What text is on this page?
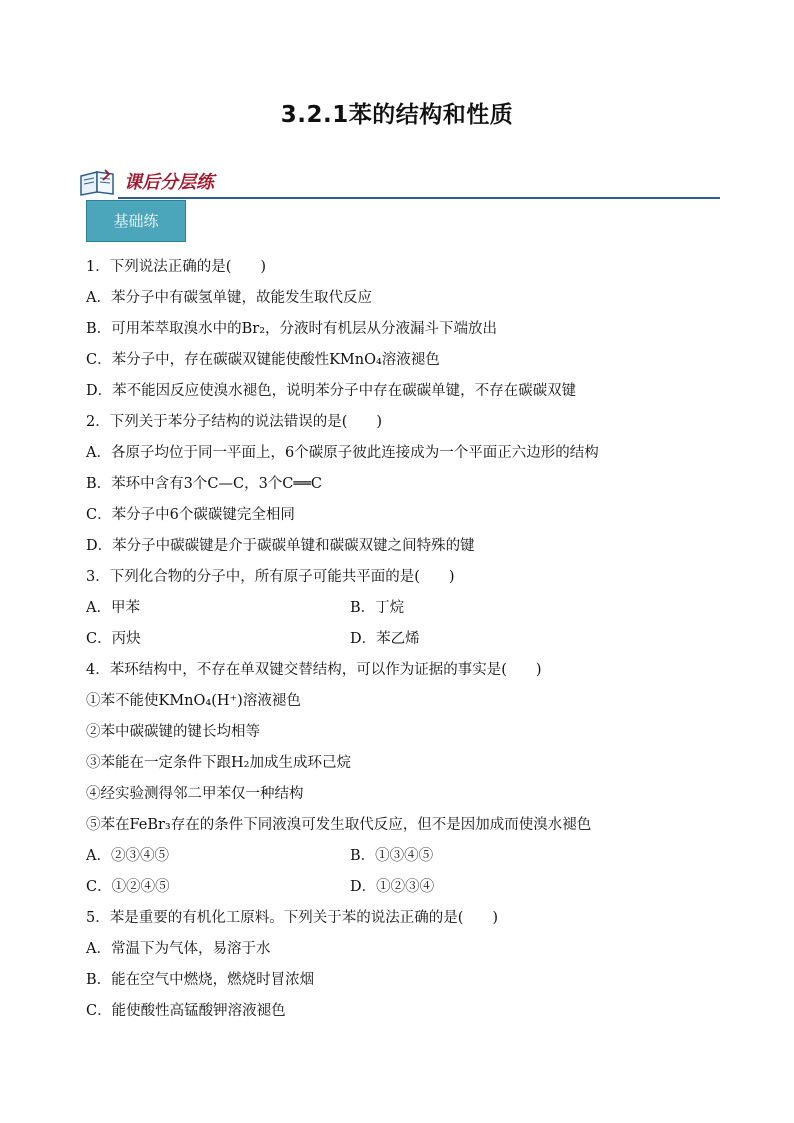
3.2.1苯的结构和性质
课后分层练
基础练
1．下列说法正确的是(　　)
A．苯分子中有碳氢单键，故能发生取代反应
B．可用苯萃取溴水中的Br₂，分液时有机层从分液漏斗下端放出
C．苯分子中，存在碳碳双键能使酸性KMnO₄溶液褪色
D．苯不能因反应使溴水褪色，说明苯分子中存在碳碳单键，不存在碳碳双键
2．下列关于苯分子结构的说法错误的是(　　)
A．各原子均位于同一平面上，6个碳原子彼此连接成为一个平面正六边形的结构
B．苯环中含有3个C—C，3个C══C
C．苯分子中6个碳碳键完全相同
D．苯分子中碳碳键是介于碳碳单键和碳碳双键之间特殊的键
3．下列化合物的分子中，所有原子可能共平面的是(　　)
A．甲苯	B．丁烷
C．丙炔	D．苯乙烯
4．苯环结构中，不存在单双键交替结构，可以作为证据的事实是(　　)
①苯不能使KMnO₄(H⁺)溶液褪色
②苯中碳碳键的键长均相等
③苯能在一定条件下跟H₂加成生成环己烷
④经实验测得邻二甲苯仅一种结构
⑤苯在FeBr₃存在的条件下同液溴可发生取代反应，但不是因加成而使溴水褪色
A．②③④⑤	B．①③④⑤
C．①②④⑤	D．①②③④
5．苯是重要的有机化工原料。下列关于苯的说法正确的是(　　)
A．常温下为气体，易溶于水
B．能在空气中燃烧，燃烧时冒浓烟
C．能使酸性高锰酸钾溶液褪色
